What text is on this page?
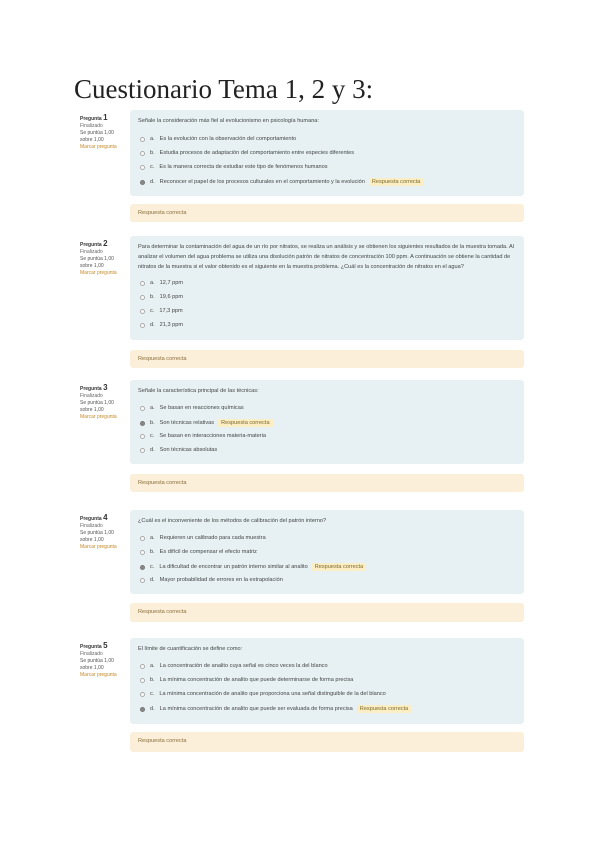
Cuestionario Tema 1, 2 y 3:
Pregunta 1
Finalizado
Se puntúa 1,00 sobre 1,00
Marcar pregunta
Señale la consideración más fiel al evolucionismo en psicología humana:
a. Es la evolución con la observación del comportamiento
b. Estudia procesos de adaptación del comportamiento entre especies diferentes
c. Es la manera correcta de estudiar este tipo de fenómenos humanos
d. Reconocer el papel de los procesos culturales en el comportamiento y la evolución	Respuesta correcta
Respuesta correcta
Pregunta 2
Finalizado
Se puntúa 1,00 sobre 1,00
Marcar pregunta
Para determinar la contaminación del agua de un río por nitratos, se realiza un análisis y se obtienen los siguientes resultados de la muestra tomada. Al analizar el volumen del agua problema se utiliza una disolución patrón de nitratos de concentración 100 ppm. A continuación se obtiene la cantidad de nitratos de la muestra si el valor obtenido es el siguiente en la muestra problema. ¿Cuál es la concentración de nitratos en el agua?
a. 12,7 ppm
b. 19,6 ppm
c. 17,3 ppm
d. 21,3 ppm
Respuesta correcta
Pregunta 3
Finalizado
Se puntúa 1,00 sobre 1,00
Marcar pregunta
Señale la característica principal de las técnicas:
a. Se basan en reacciones químicas
b. Son técnicas relativas	Respuesta correcta
c. Se basan en interacciones materia-materia
d. Son técnicas absolutas
Respuesta correcta
Pregunta 4
Finalizado
Se puntúa 1,00 sobre 1,00
Marcar pregunta
¿Cuál es el inconveniente de los métodos de calibración del patrón interno?
a. Requieren un calibrado para cada muestra
b. Es difícil de compensar el efecto matriz
c. La dificultad de encontrar un patrón interno similar al analito	Respuesta correcta
d. Mayor probabilidad de errores en la extrapolación
Respuesta correcta
Pregunta 5
Finalizado
Se puntúa 1,00 sobre 1,00
Marcar pregunta
El límite de cuantificación se define como:
a. La concentración de analito cuya señal es cinco veces la del blanco
b. La mínima concentración de analito que puede determinarse de forma precisa
c. La mínima concentración de analito que proporciona una señal distinguible de la del blanco
d. La mínima concentración de analito que puede ser evaluada de forma precisa	Respuesta correcta
Respuesta correcta
